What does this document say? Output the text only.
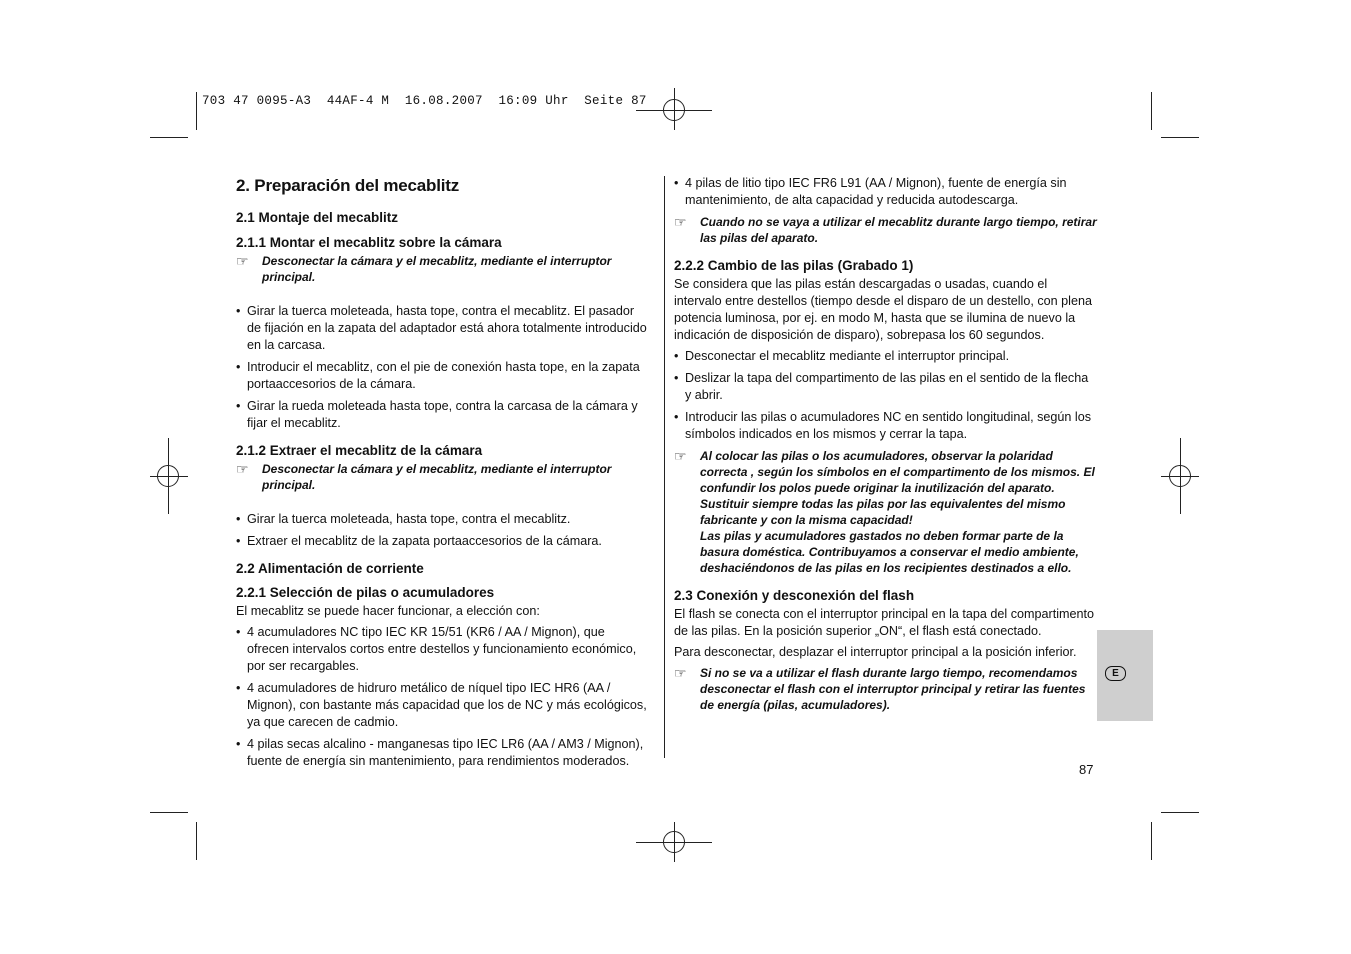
703 47 0095-A3  44AF-4 M  16.08.2007  16:09 Uhr  Seite 87
2. Preparación del mecablitz
2.1 Montaje del mecablitz
2.1.1 Montar el mecablitz sobre la cámara
☞	Desconectar la cámara y el mecablitz, mediante el interruptor principal.
• Girar la tuerca moleteada, hasta tope, contra el mecablitz. El pasador de fijación en la zapata del adaptador está ahora totalmente introducido en la carcasa.
• Introducir el mecablitz, con el pie de conexión hasta tope, en la zapata portaaccesorios de la cámara.
• Girar la rueda moleteada hasta tope, contra la carcasa de la cámara y fijar el mecablitz.
2.1.2 Extraer el mecablitz de la cámara
☞	Desconectar la cámara y el mecablitz, mediante el interruptor principal.
• Girar la tuerca moleteada, hasta tope, contra el mecablitz.
• Extraer el mecablitz de la zapata portaaccesorios de la cámara.
2.2 Alimentación de corriente
2.2.1 Selección de pilas o acumuladores

El mecablitz se puede hacer funcionar, a elección con:

• 4 acumuladores NC tipo IEC KR 15/51 (KR6 / AA / Mignon), que ofrecen intervalos cortos entre destellos y funcionamiento económico, por ser recargables.
• 4 acumuladores de hidruro metálico de níquel tipo IEC HR6 (AA / Mignon), con bastante más capacidad que los de NC y más ecológicos, ya que carecen de cadmio.
• 4 pilas secas alcalino - manganesas tipo IEC LR6 (AA / AM3 / Mignon), fuente de energía sin mantenimiento, para rendimientos moderados.
• 4 pilas de litio tipo IEC FR6 L91 (AA / Mignon), fuente de energía sin mantenimiento, de alta capacidad y reducida autodescarga.
☞	Cuando no se vaya a utilizar el mecablitz durante largo tiempo, retirar las pilas del aparato.
2.2.2 Cambio de las pilas (Grabado 1)

Se considera que las pilas están descargadas o usadas, cuando el intervalo entre destellos (tiempo desde el disparo de un destello, con plena potencia luminosa, por ej. en modo M, hasta que se ilumina de nuevo la indicación de disposición de disparo), sobrepasa los 60 segundos.

• Desconectar el mecablitz mediante el interruptor principal.
• Deslizar la tapa del compartimento de las pilas en el sentido de la flecha y abrir.
• Introducir las pilas o acumuladores NC en sentido longitudinal, según los símbolos indicados en los mismos y cerrar la tapa.
☞	Al colocar las pilas o los acumuladores, observar la polaridad correcta , según los símbolos en el compartimento de los mismos. El confundir los polos puede originar la inutilización del aparato.
Sustituir siempre todas las pilas por las equivalentes del mismo fabricante y con la misma capacidad!
Las pilas y acumuladores gastados no deben formar parte de la basura doméstica. Contribuyamos a conservar el medio ambiente, deshaciéndonos de las pilas en los recipientes destinados a ello.
2.3 Conexión y desconexión del flash

El flash se conecta con el interruptor principal en la tapa del compartimento de las pilas. En la posición superior „ON“, el flash está conectado.

Para desconectar, desplazar el interruptor principal a la posición inferior.

☞	Si no se va a utilizar el flash durante largo tiempo, recomendamos desconectar el flash con el interruptor principal y retirar las fuentes de energía (pilas, acumuladores).
E
87
